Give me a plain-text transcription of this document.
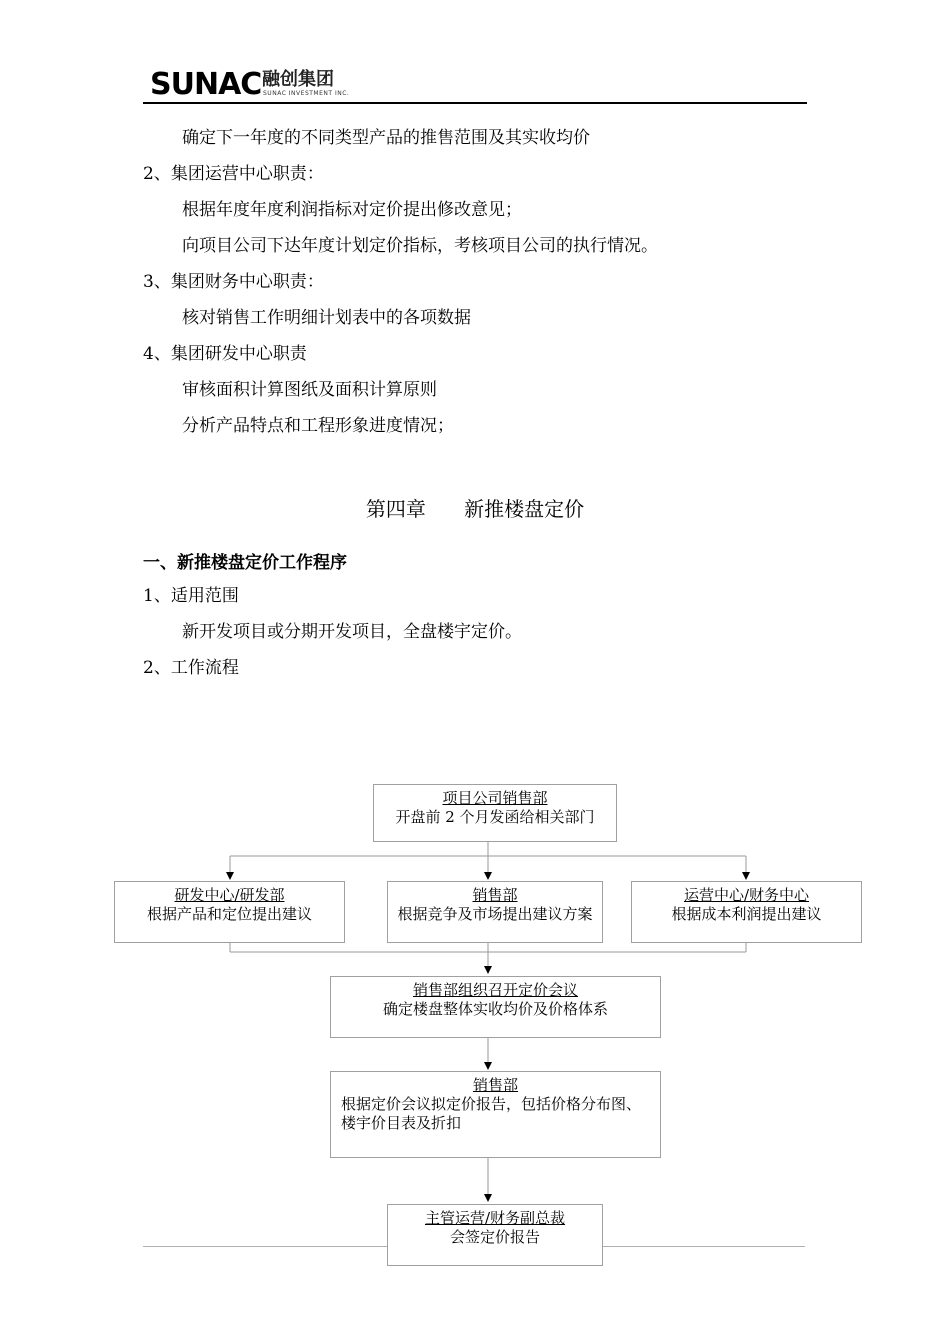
SUNAC 融创集团
SUNAC INVESTMENT INC.
确定下一年度的不同类型产品的推售范围及其实收均价
2、集团运营中心职责：
根据年度年度利润指标对定价提出修改意见；
向项目公司下达年度计划定价指标，考核项目公司的执行情况。
3、集团财务中心职责：
核对销售工作明细计划表中的各项数据
4、集团研发中心职责
审核面积计算图纸及面积计算原则
分析产品特点和工程形象进度情况；
第四章      新推楼盘定价
一、新推楼盘定价工作程序
1、适用范围
新开发项目或分期开发项目，全盘楼宇定价。
2、工作流程
项目公司销售部
开盘前 2 个月发函给相关部门
研发中心/研发部
根据产品和定位提出建议
销售部
根据竞争及市场提出建议方案
运营中心/财务中心
根据成本利润提出建议
销售部组织召开定价会议
确定楼盘整体实收均价及价格体系
销售部
根据定价会议拟定价报告，包括价格分布图、楼宇价目表及折扣
主管运营/财务副总裁
会签定价报告
